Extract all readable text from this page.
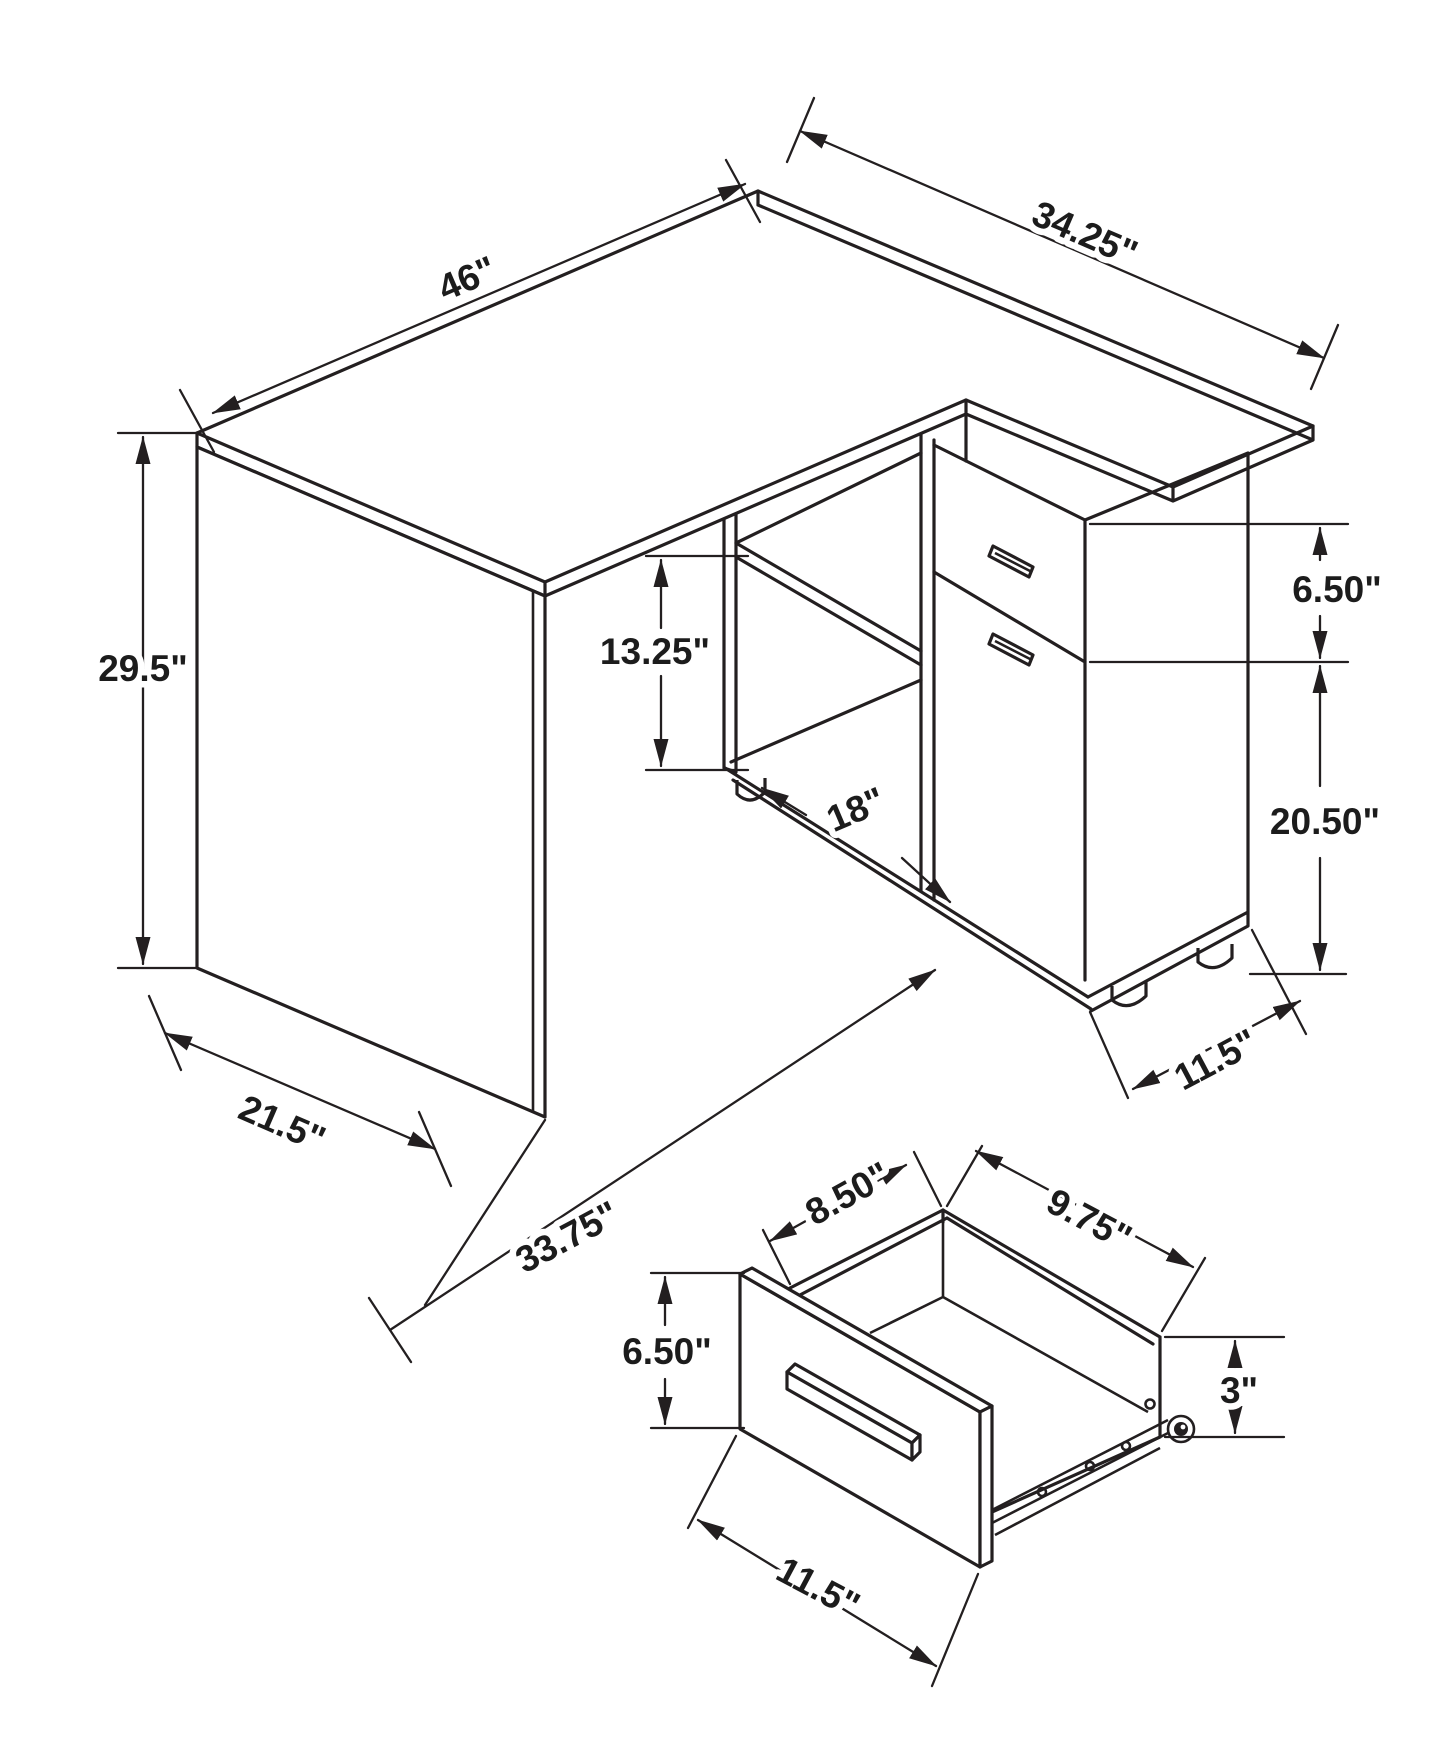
46"
34.25"
29.5"
21.5"
33.75"
18"
13.25"
6.50"
20.50"
11.5"
8.50"	9.75"
6.50"
3"
11.5"
